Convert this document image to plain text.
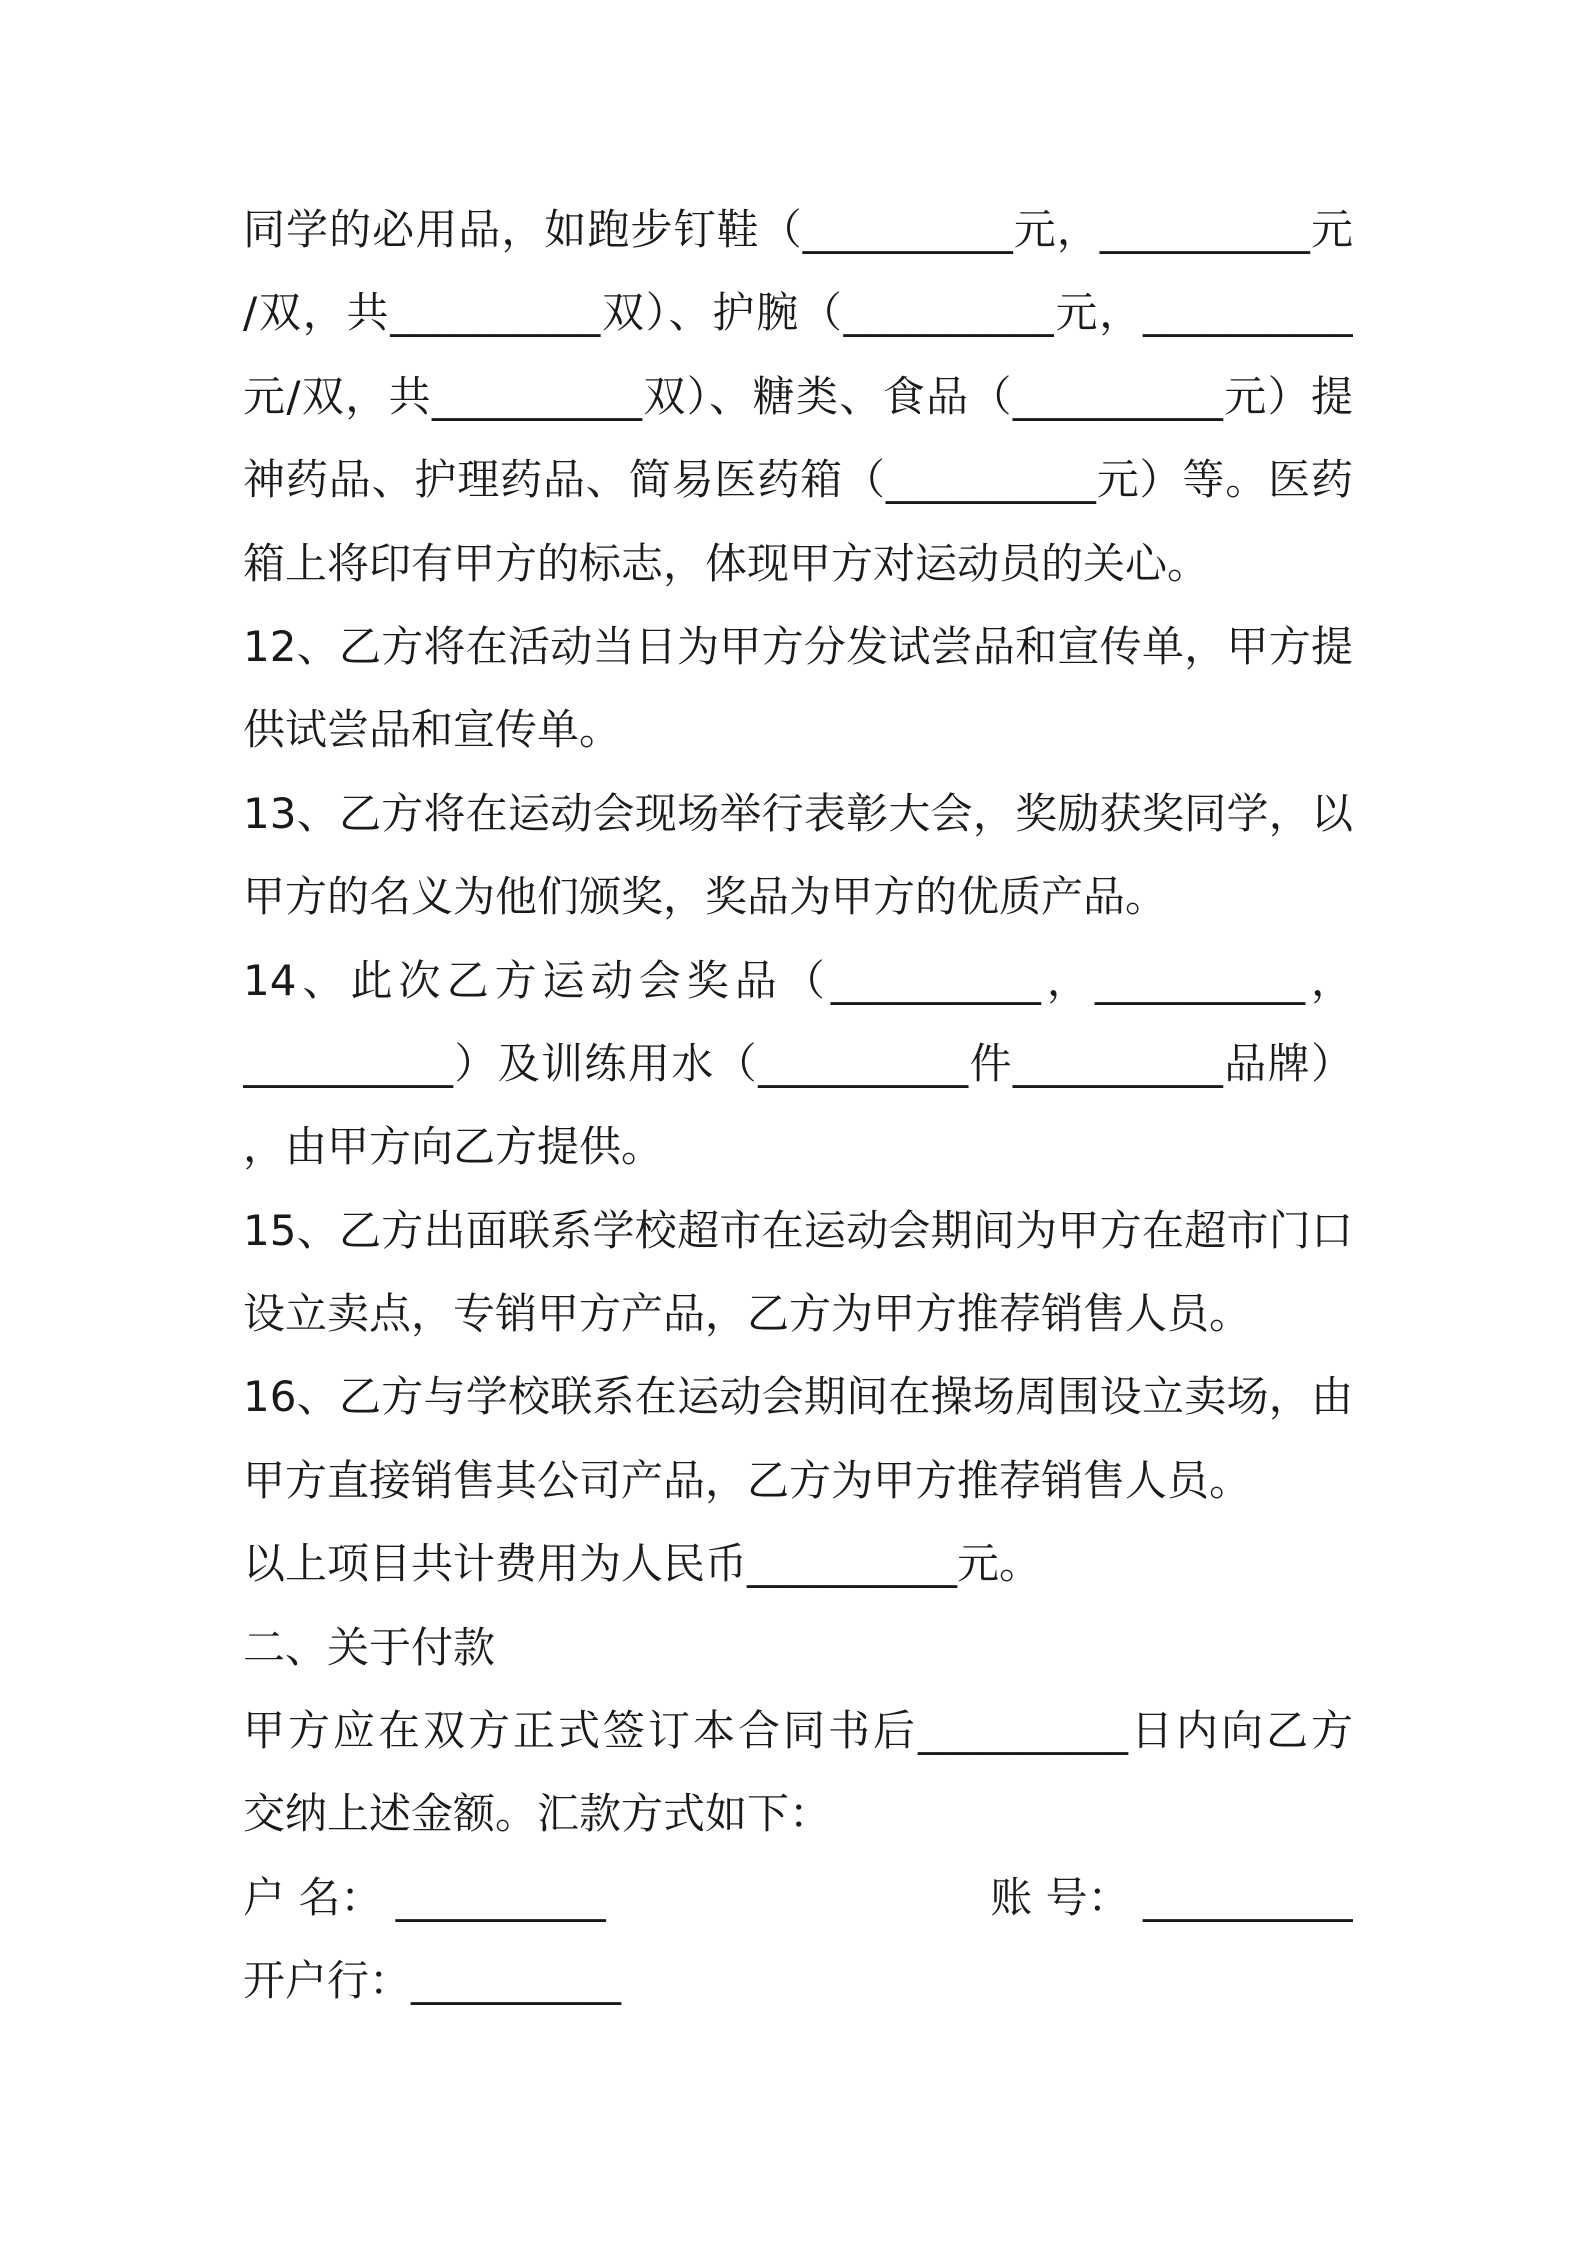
同学的必用品，如跑步钉鞋（__________元，__________元
/双，共__________双）、护腕（__________元，__________
元/双，共__________双）、糖类、食品（__________元）提
神药品、护理药品、简易医药箱（__________元）等。医药
箱上将印有甲方的标志，体现甲方对运动员的关心。
12、乙方将在活动当日为甲方分发试尝品和宣传单，甲方提
供试尝品和宣传单。
13、乙方将在运动会现场举行表彰大会，奖励获奖同学，以
甲方的名义为他们颁奖，奖品为甲方的优质产品。
14、此次乙方运动会奖品（__________，__________，
__________）及训练用水（__________件__________品牌）
，由甲方向乙方提供。
15、乙方出面联系学校超市在运动会期间为甲方在超市门口
设立卖点，专销甲方产品，乙方为甲方推荐销售人员。
16、乙方与学校联系在运动会期间在操场周围设立卖场，由
甲方直接销售其公司产品，乙方为甲方推荐销售人员。
以上项目共计费用为人民币__________元。
二、关于付款
甲方应在双方正式签订本合同书后__________日内向乙方
交纳上述金额。汇款方式如下：
户 名： __________	账 号： __________
开户行：__________
